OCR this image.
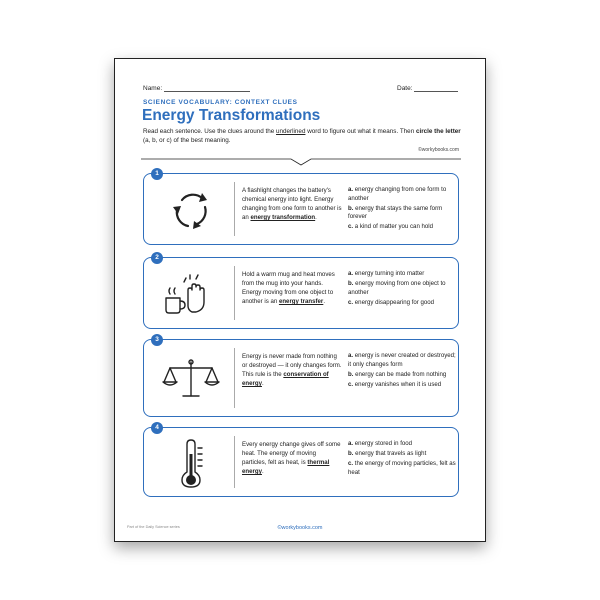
Name:	Date:
SCIENCE VOCABULARY: CONTEXT CLUES
Energy Transformations
Read each sentence. Use the clues around the underlined word to figure out what it means. Then circle the letter (a, b, or c) of the best meaning.
©workybooks.com
1
A flashlight changes the battery's chemical energy into light. Energy changing from one form to another is an energy transformation.
a. energy changing from one form to another
b. energy that stays the same form forever
c. a kind of matter you can hold
2
Hold a warm mug and heat moves from the mug into your hands. Energy moving from one object to another is an energy transfer.
a. energy turning into matter
b. energy moving from one object to another
c. energy disappearing for good
3
Energy is never made from nothing or destroyed — it only changes form. This rule is the conservation of energy.
a. energy is never created or destroyed; it only changes form
b. energy can be made from nothing
c. energy vanishes when it is used
4
Every energy change gives off some heat. The energy of moving particles, felt as heat, is thermal energy.
a. energy stored in food
b. energy that travels as light
c. the energy of moving particles, felt as heat
Part of the Daily Science series	©workybooks.com
